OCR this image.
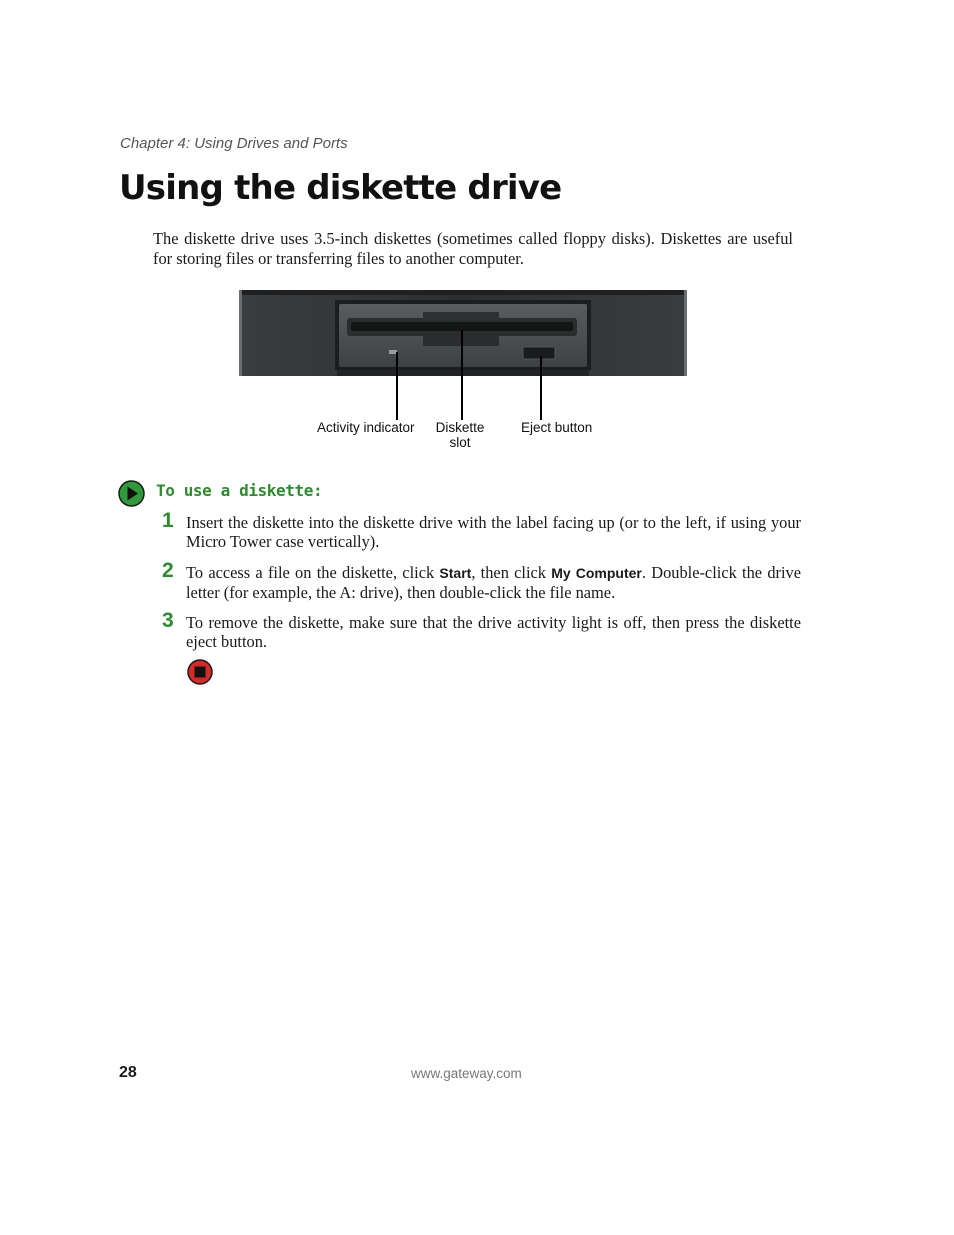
Chapter 4: Using Drives and Ports
Using the diskette drive

The diskette drive uses 3.5-inch diskettes (sometimes called floppy disks). Diskettes are useful for storing files or transferring files to another computer.

Activity indicator	Diskette
slot
Eject button
To use a diskette:
1 Insert the diskette into the diskette drive with the label facing up (or to the left, if using your Micro Tower case vertically).

2 To access a file on the diskette, click Start, then click My Computer. Double-click the drive letter (for example, the A: drive), then double-click the file name.

3 To remove the diskette, make sure that the drive activity light is off, then press the diskette eject button.

28	www.gateway.com
